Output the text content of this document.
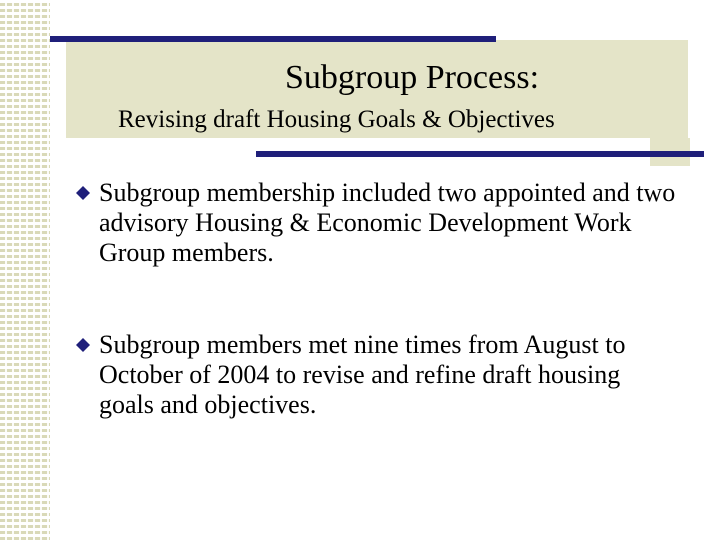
Subgroup Process:

Revising draft Housing Goals & Objectives

Subgroup membership included two appointed and two advisory Housing & Economic Development Work Group members.
Subgroup members met nine times from August to October of 2004 to revise and refine draft housing goals and objectives.
